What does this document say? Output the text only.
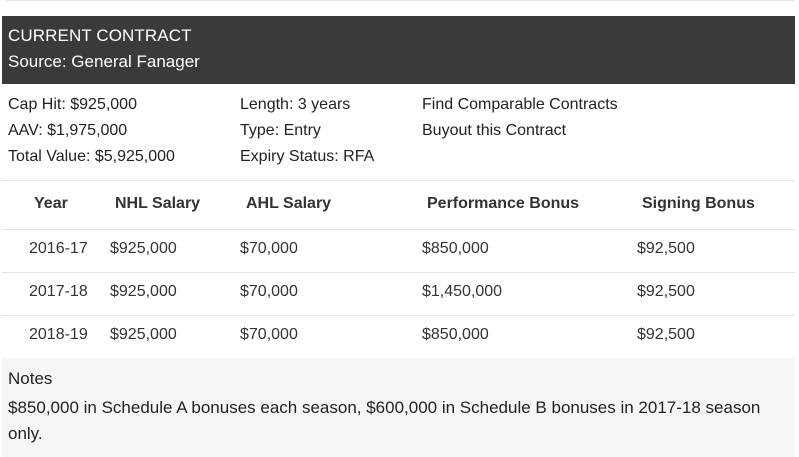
CURRENT CONTRACT
Source: General Fanager
Cap Hit: $925,000
AAV: $1,975,000
Total Value: $5,925,000
Length: 3 years
Type: Entry
Expiry Status: RFA
Find Comparable Contracts
Buyout this Contract
Year	NHL Salary	AHL Salary	Performance Bonus	Signing Bonus
2016-17 $925,000	$70,000	$850,000	$92,500
2017-18 $925,000	$70,000	$1,450,000	$92,500
2018-19 $925,000	$70,000	$850,000	$92,500
Notes
$850,000 in Schedule A bonuses each season, $600,000 in Schedule B bonuses in 2017-18 season only.
